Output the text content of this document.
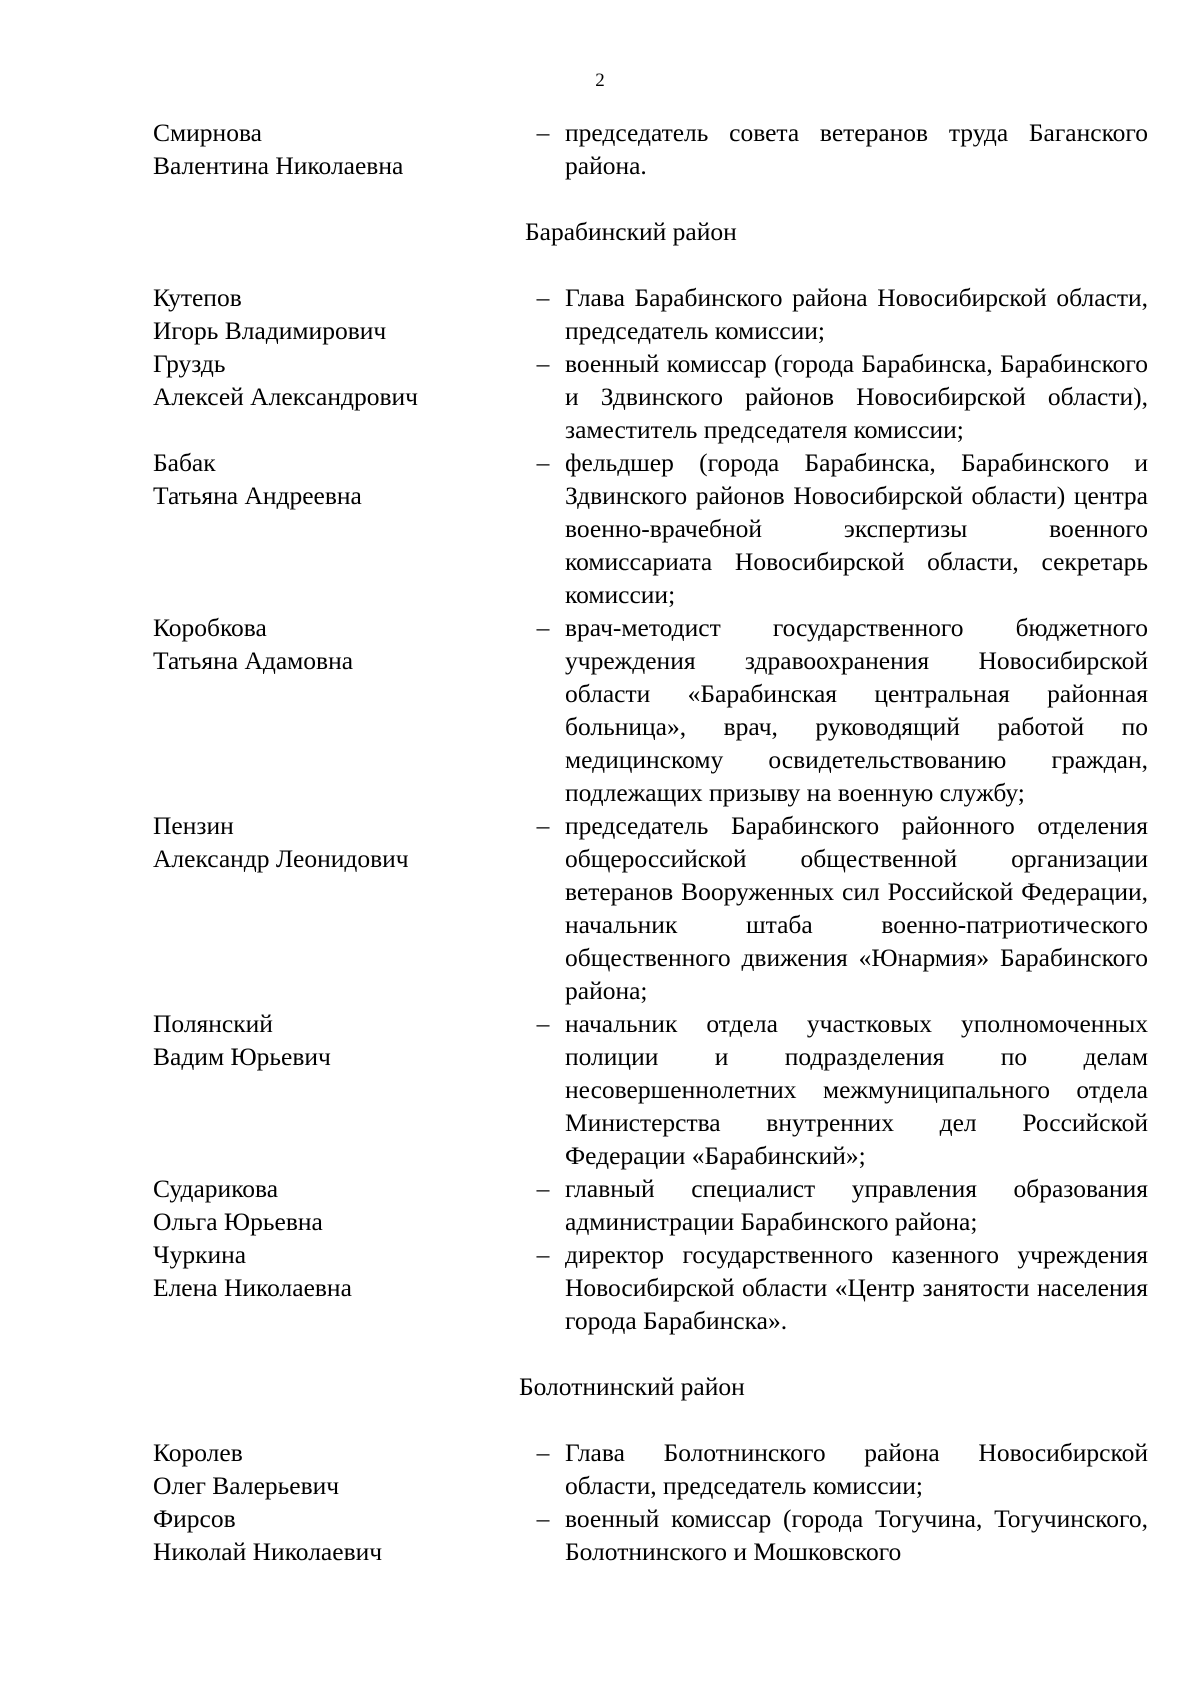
2
Смирнова
Валентина Николаевна
– председатель совета ветеранов труда Баганского района.
Барабинский район
Кутепов
Игорь Владимирович
– Глава Барабинского района Новосибирской области, председатель комиссии;
Груздь
Алексей Александрович
– военный комиссар (города Барабинска, Барабинского и Здвинского районов Новосибирской области), заместитель председателя комиссии;
Бабак
Татьяна Андреевна
– фельдшер (города Барабинска, Барабинского и Здвинского районов Новосибирской области) центра военно-врачебной экспертизы военного комиссариата Новосибирской области, секретарь комиссии;
Коробкова
Татьяна Адамовна
– врач-методист государственного бюджетного учреждения здравоохранения Новосибирской области «Барабинская центральная районная больница», врач, руководящий работой по медицинскому освидетельствованию граждан, подлежащих призыву на военную службу;
Пензин
Александр Леонидович
– председатель Барабинского районного отделения общероссийской общественной организации ветеранов Вооруженных сил Российской Федерации, начальник штаба военно-патриотического общественного движения «Юнармия» Барабинского района;
Полянский
Вадим Юрьевич
– начальник отдела участковых уполномоченных полиции и подразделения по делам несовершеннолетних межмуниципального отдела Министерства внутренних дел Российской Федерации «Барабинский»;
Сударикова
Ольга Юрьевна
– главный специалист управления образования администрации Барабинского района;
Чуркина
Елена Николаевна
– директор государственного казенного учреждения Новосибирской области «Центр занятости населения города Барабинска».
Болотнинский район
Королев
Олег Валерьевич
– Глава Болотнинского района Новосибирской области, председатель комиссии;
Фирсов
Николай Николаевич
– военный комиссар (города Тогучина, Тогучинского, Болотнинского и Мошковского
